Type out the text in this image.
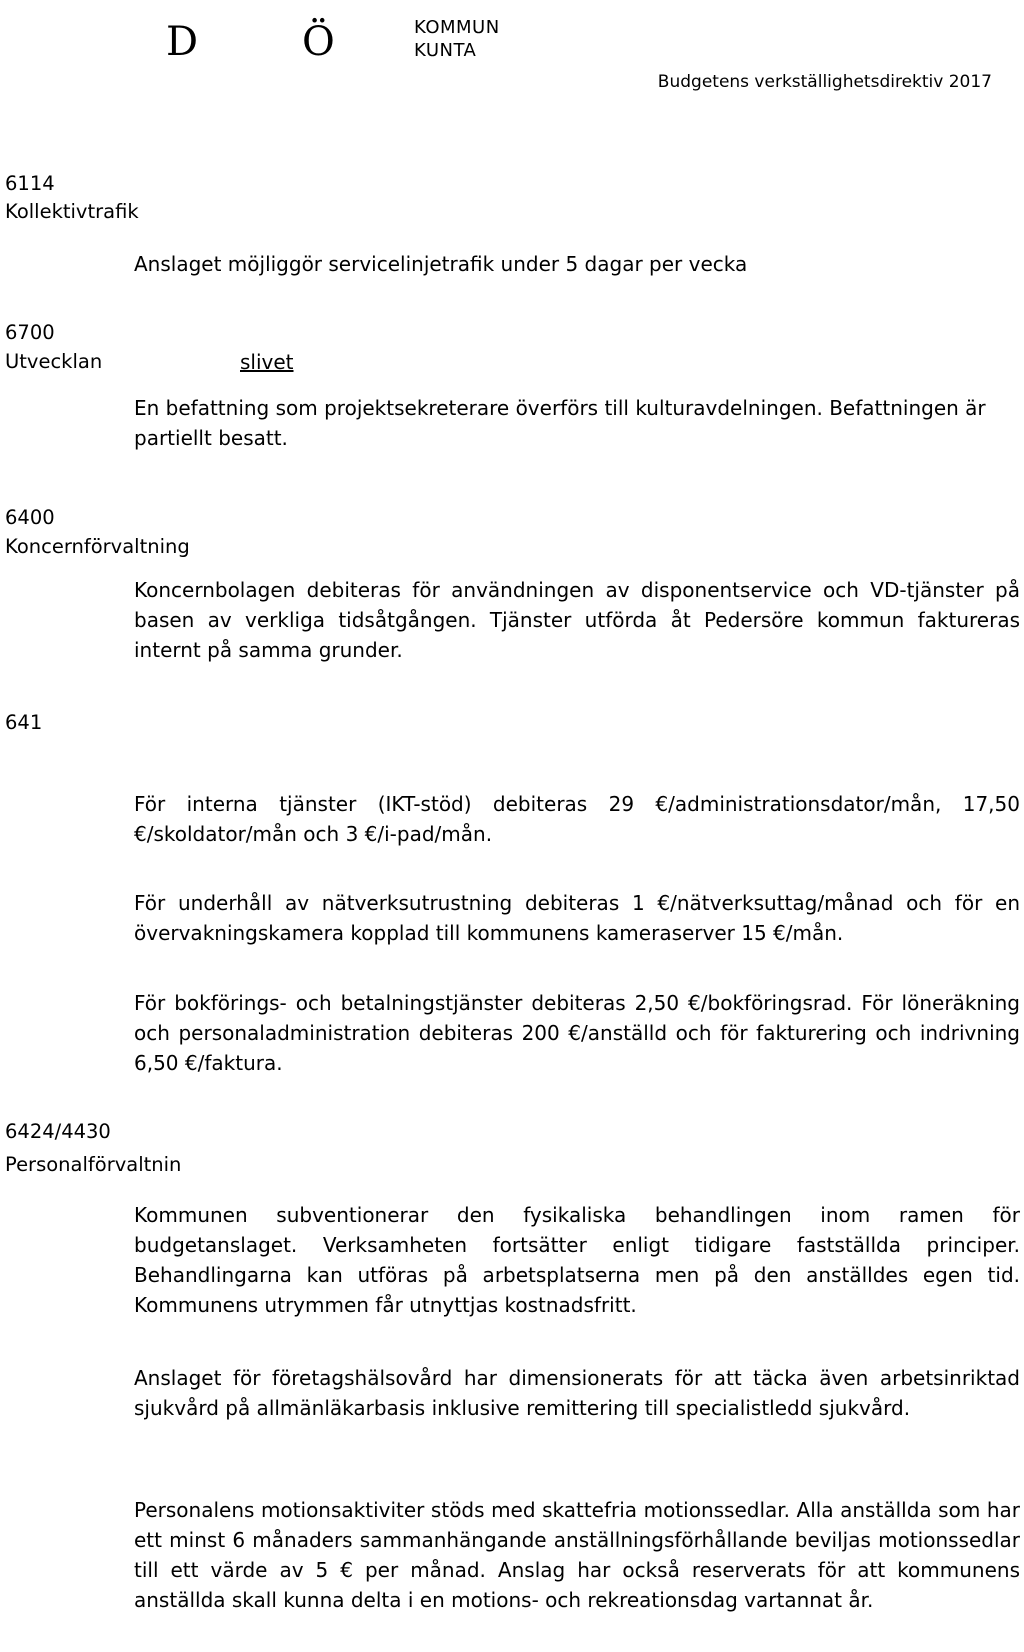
D	Ö	KOMMUN
KUNTA
Budgetens verkställighetsdirektiv 2017
6114
Kollektivtrafik
Anslaget möjliggör servicelinjetrafik under 5 dagar per vecka
6700
Utvecklan	slivet
En befattning som projektsekreterare överförs till kulturavdelningen. Befattningen är partiellt besatt.
6400
Koncernförvaltning
Koncernbolagen debiteras för användningen av disponentservice och VD-tjänster på basen av verkliga tidsåtgången. Tjänster utförda åt Pedersöre kommun faktureras internt på samma grunder.
641
För interna tjänster (IKT-stöd) debiteras 29 €/administrationsdator/mån, 17,50 €/skoldator/mån och 3 €/i-pad/mån.
För underhåll av nätverksutrustning debiteras 1 €/nätverksuttag/månad och för en övervakningskamera kopplad till kommunens kameraserver 15 €/mån.
För bokförings- och betalningstjänster debiteras 2,50 €/bokföringsrad. För löneräkning och personaladministration debiteras 200 €/anställd och för fakturering och indrivning 6,50 €/faktura.
6424/4430
Personalförvaltnin
Kommunen subventionerar den fysikaliska behandlingen inom ramen för budgetanslaget. Verksamheten fortsätter enligt tidigare fastställda principer. Behandlingarna kan utföras på arbetsplatserna men på den anställdes egen tid. Kommunens utrymmen får utnyttjas kostnadsfritt.
Anslaget för företagshälsovård har dimensionerats för att täcka även arbetsinriktad sjukvård på allmänläkarbasis inklusive remittering till specialistledd sjukvård.
Personalens motionsaktiviter stöds med skattefria motionssedlar. Alla anställda som har ett minst 6 månaders sammanhängande anställningsförhållande beviljas motionssedlar till ett värde av 5 € per månad. Anslag har också reserverats för att kommunens anställda skall kunna delta i en motions- och rekreationsdag vartannat år.
